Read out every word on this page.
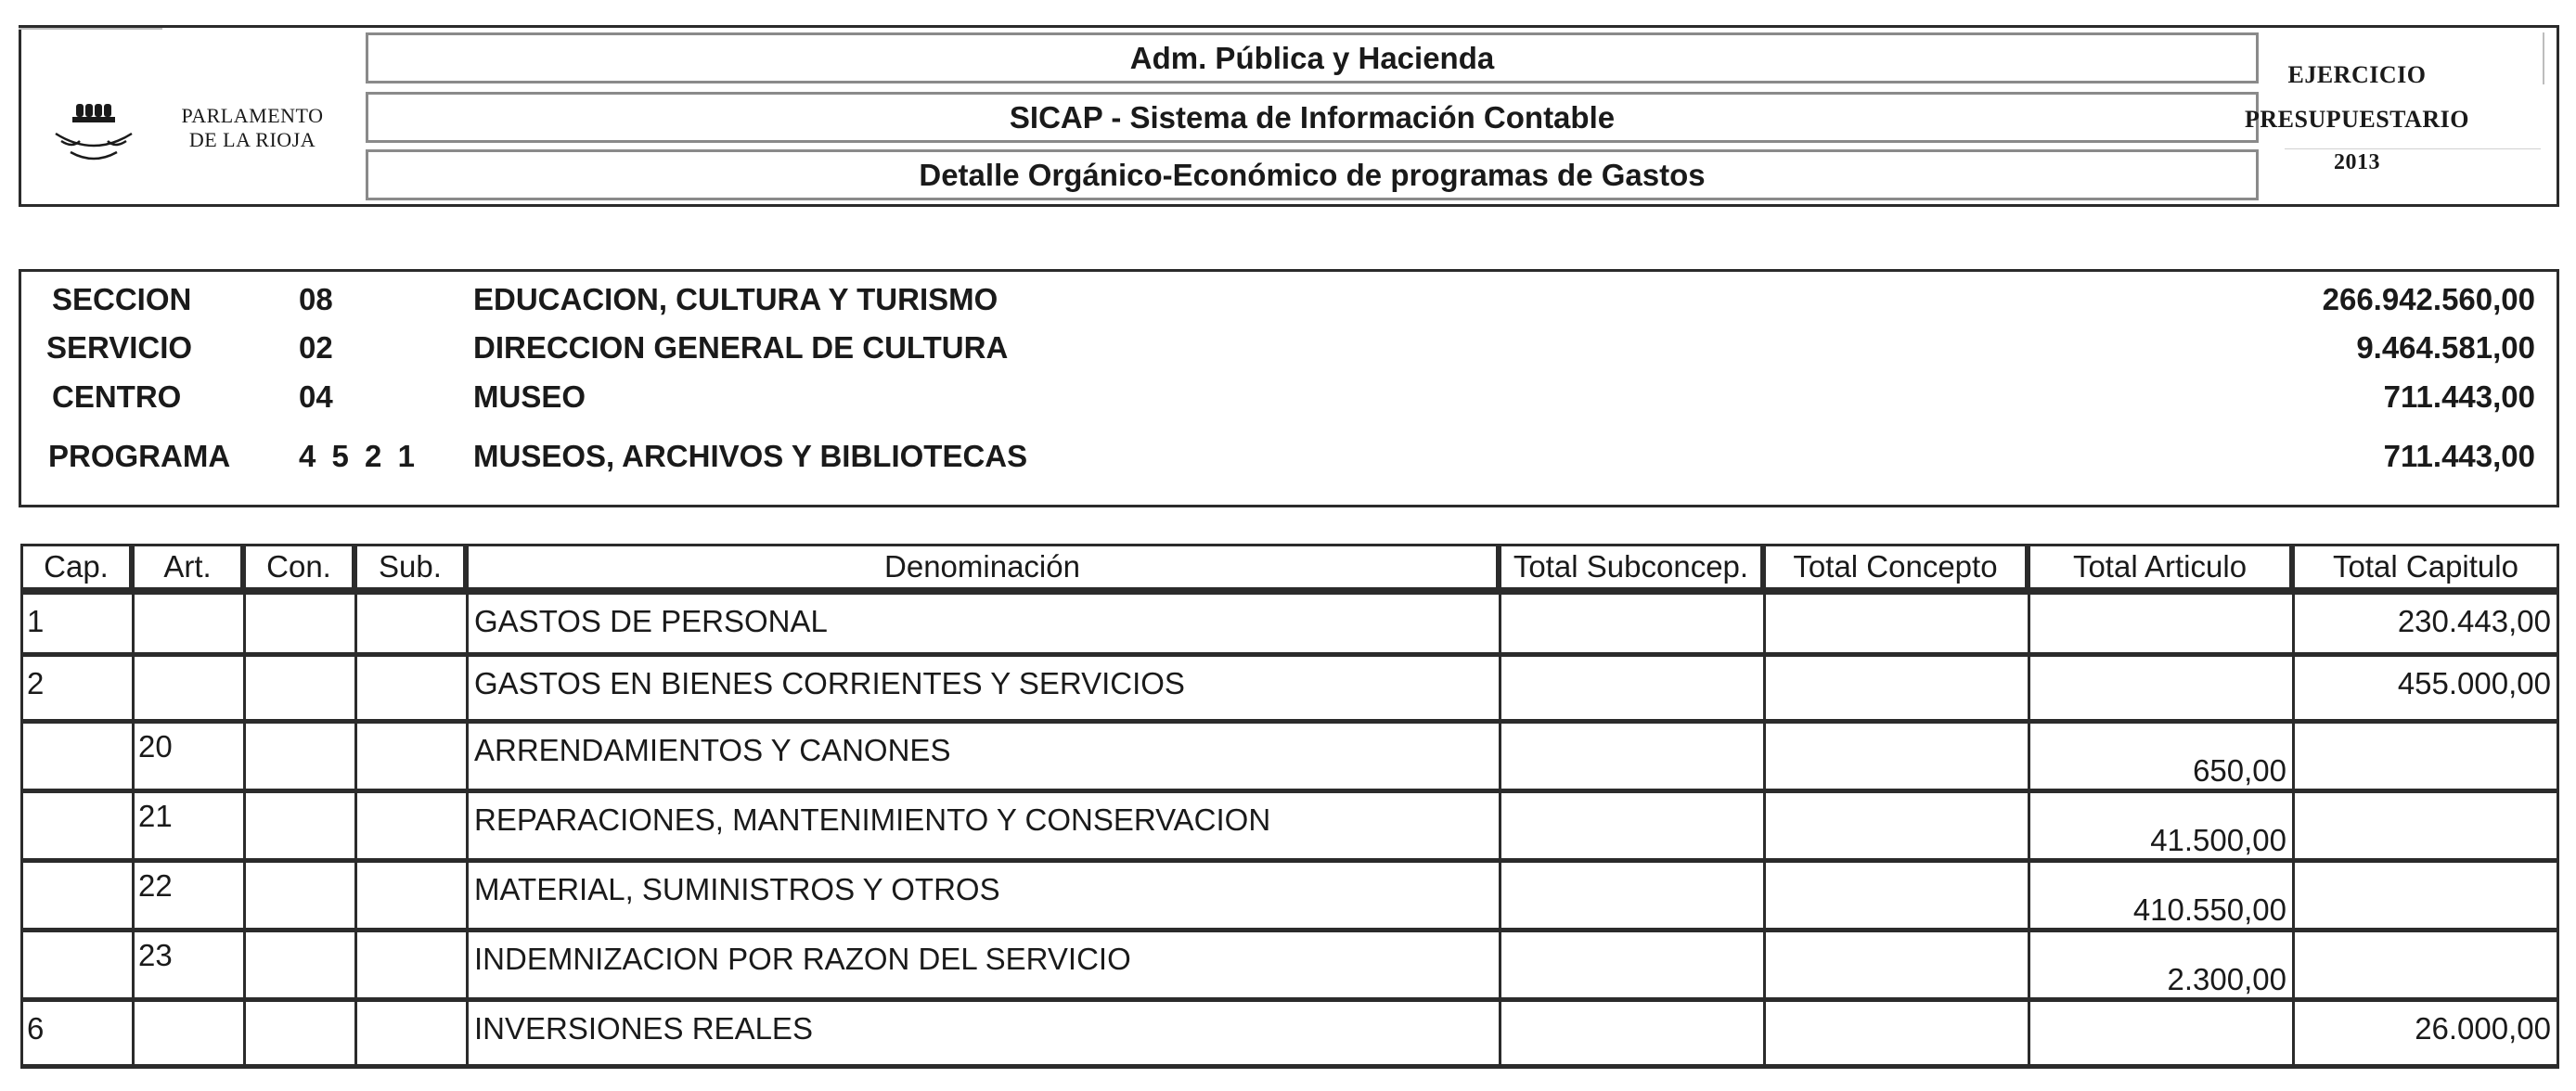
PARLAMENTO
DE LA RIOJA
Adm. Pública y Hacienda
SICAP - Sistema de Información Contable
Detalle Orgánico-Económico de programas de Gastos
EJERCICIO
PRESUPUESTARIO
2013
SECCION	08	EDUCACION, CULTURA Y TURISMO	266.942.560,00
SERVICIO	02	DIRECCION GENERAL DE CULTURA	9.464.581,00
CENTRO	04	MUSEO	711.443,00
PROGRAMA 4 5 2 1 MUSEOS, ARCHIVOS Y BIBLIOTECAS	711.443,00
Cap.	Art.	Con.	Sub.	Denominación	Total Subconcep.	Total Concepto	Total Articulo	Total Capitulo
1				GASTOS DE PERSONAL				230.443,00
2				GASTOS EN BIENES CORRIENTES Y SERVICIOS				455.000,00
	20			ARRENDAMIENTOS Y CANONES			650,00	
	21			REPARACIONES, MANTENIMIENTO Y CONSERVACION			41.500,00	
	22			MATERIAL, SUMINISTROS Y OTROS			410.550,00	
	23			INDEMNIZACION POR RAZON DEL SERVICIO			2.300,00	
6				INVERSIONES REALES				26.000,00
